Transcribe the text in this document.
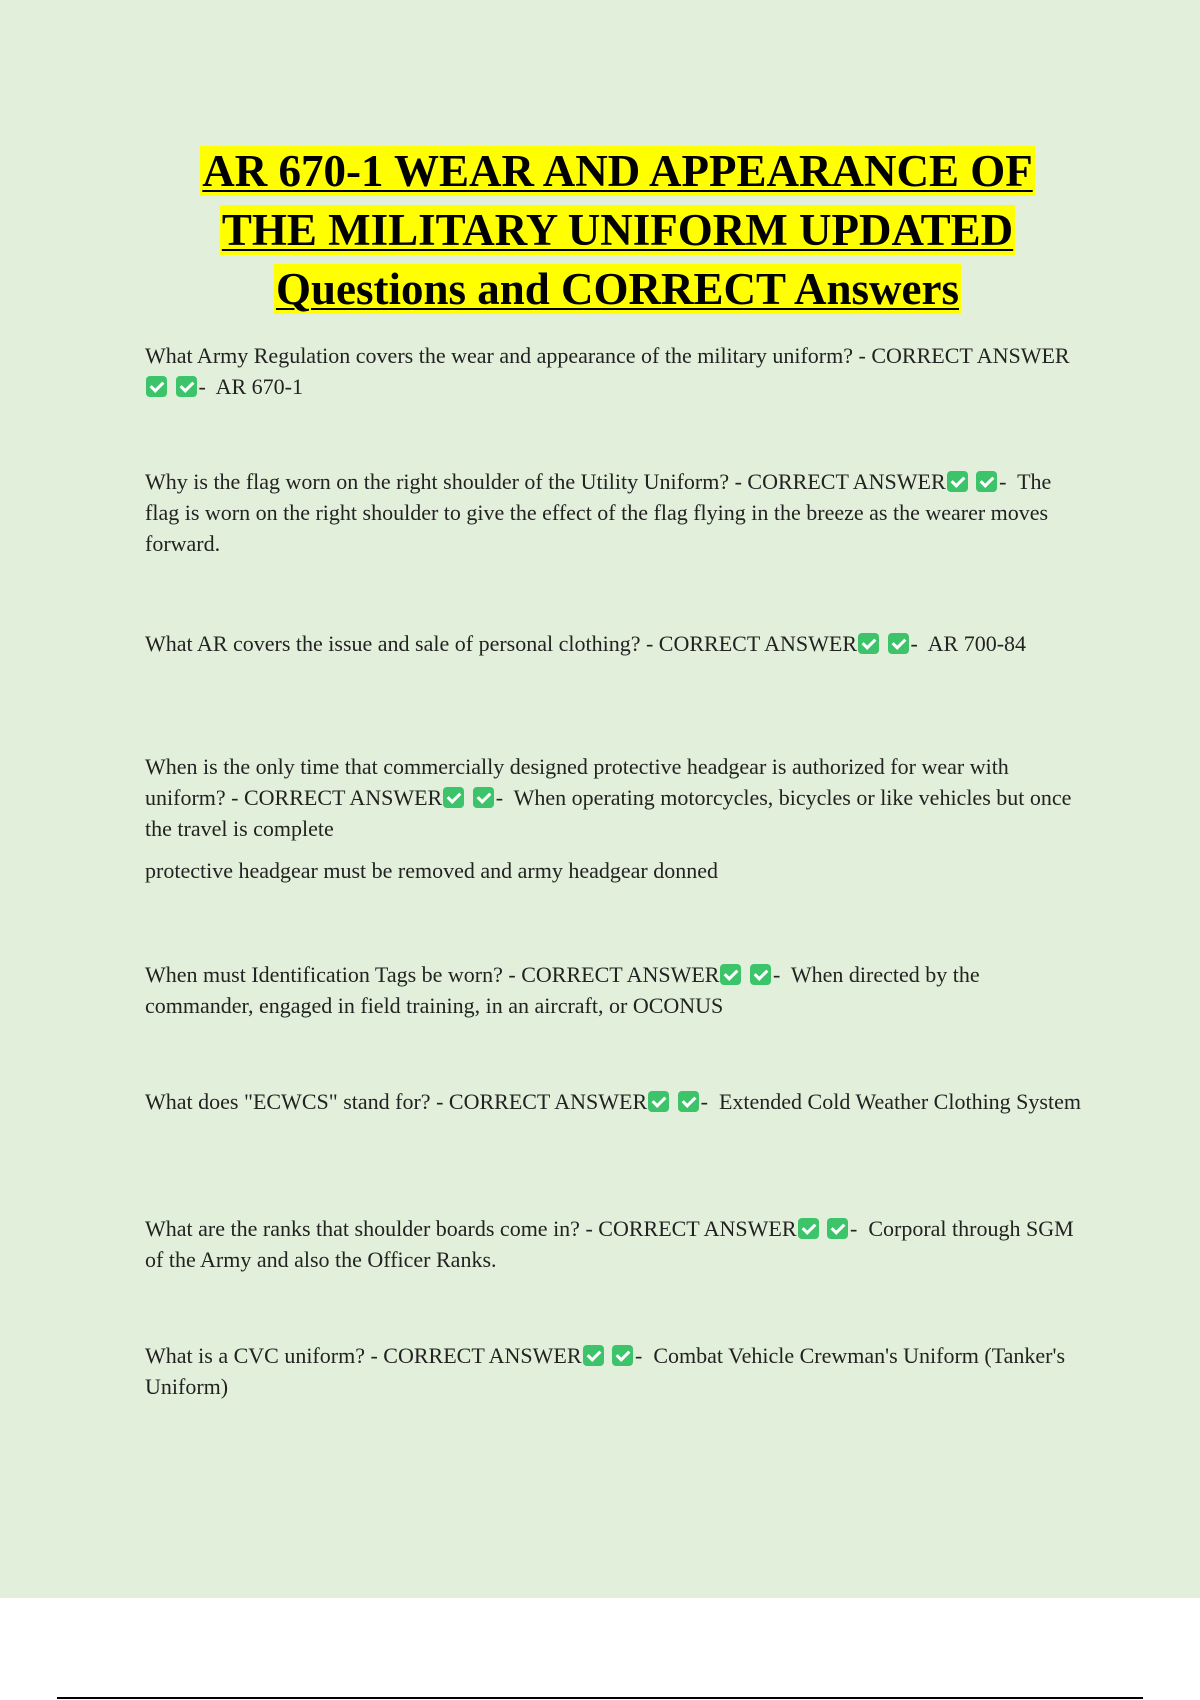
AR 670-1 WEAR AND APPEARANCE OF
THE MILITARY UNIFORM UPDATED
Questions and CORRECT Answers

What Army Regulation covers the wear and appearance of the military uniform? - CORRECT ANSWER - AR 670-1

Why is the flag worn on the right shoulder of the Utility Uniform? - CORRECT ANSWER - The flag is worn on the right shoulder to give the effect of the flag flying in the breeze as the wearer moves forward.

What AR covers the issue and sale of personal clothing? - CORRECT ANSWER - AR 700-84

When is the only time that commercially designed protective headgear is authorized for wear with uniform? - CORRECT ANSWER - When operating motorcycles, bicycles or like vehicles but once the travel is complete
protective headgear must be removed and army headgear donned

When must Identification Tags be worn? - CORRECT ANSWER - When directed by the commander, engaged in field training, in an aircraft, or OCONUS

What does "ECWCS" stand for? - CORRECT ANSWER - Extended Cold Weather Clothing System

What are the ranks that shoulder boards come in? - CORRECT ANSWER - Corporal through SGM of the Army and also the Officer Ranks.

What is a CVC uniform? - CORRECT ANSWER - Combat Vehicle Crewman's Uniform (Tanker's Uniform)
